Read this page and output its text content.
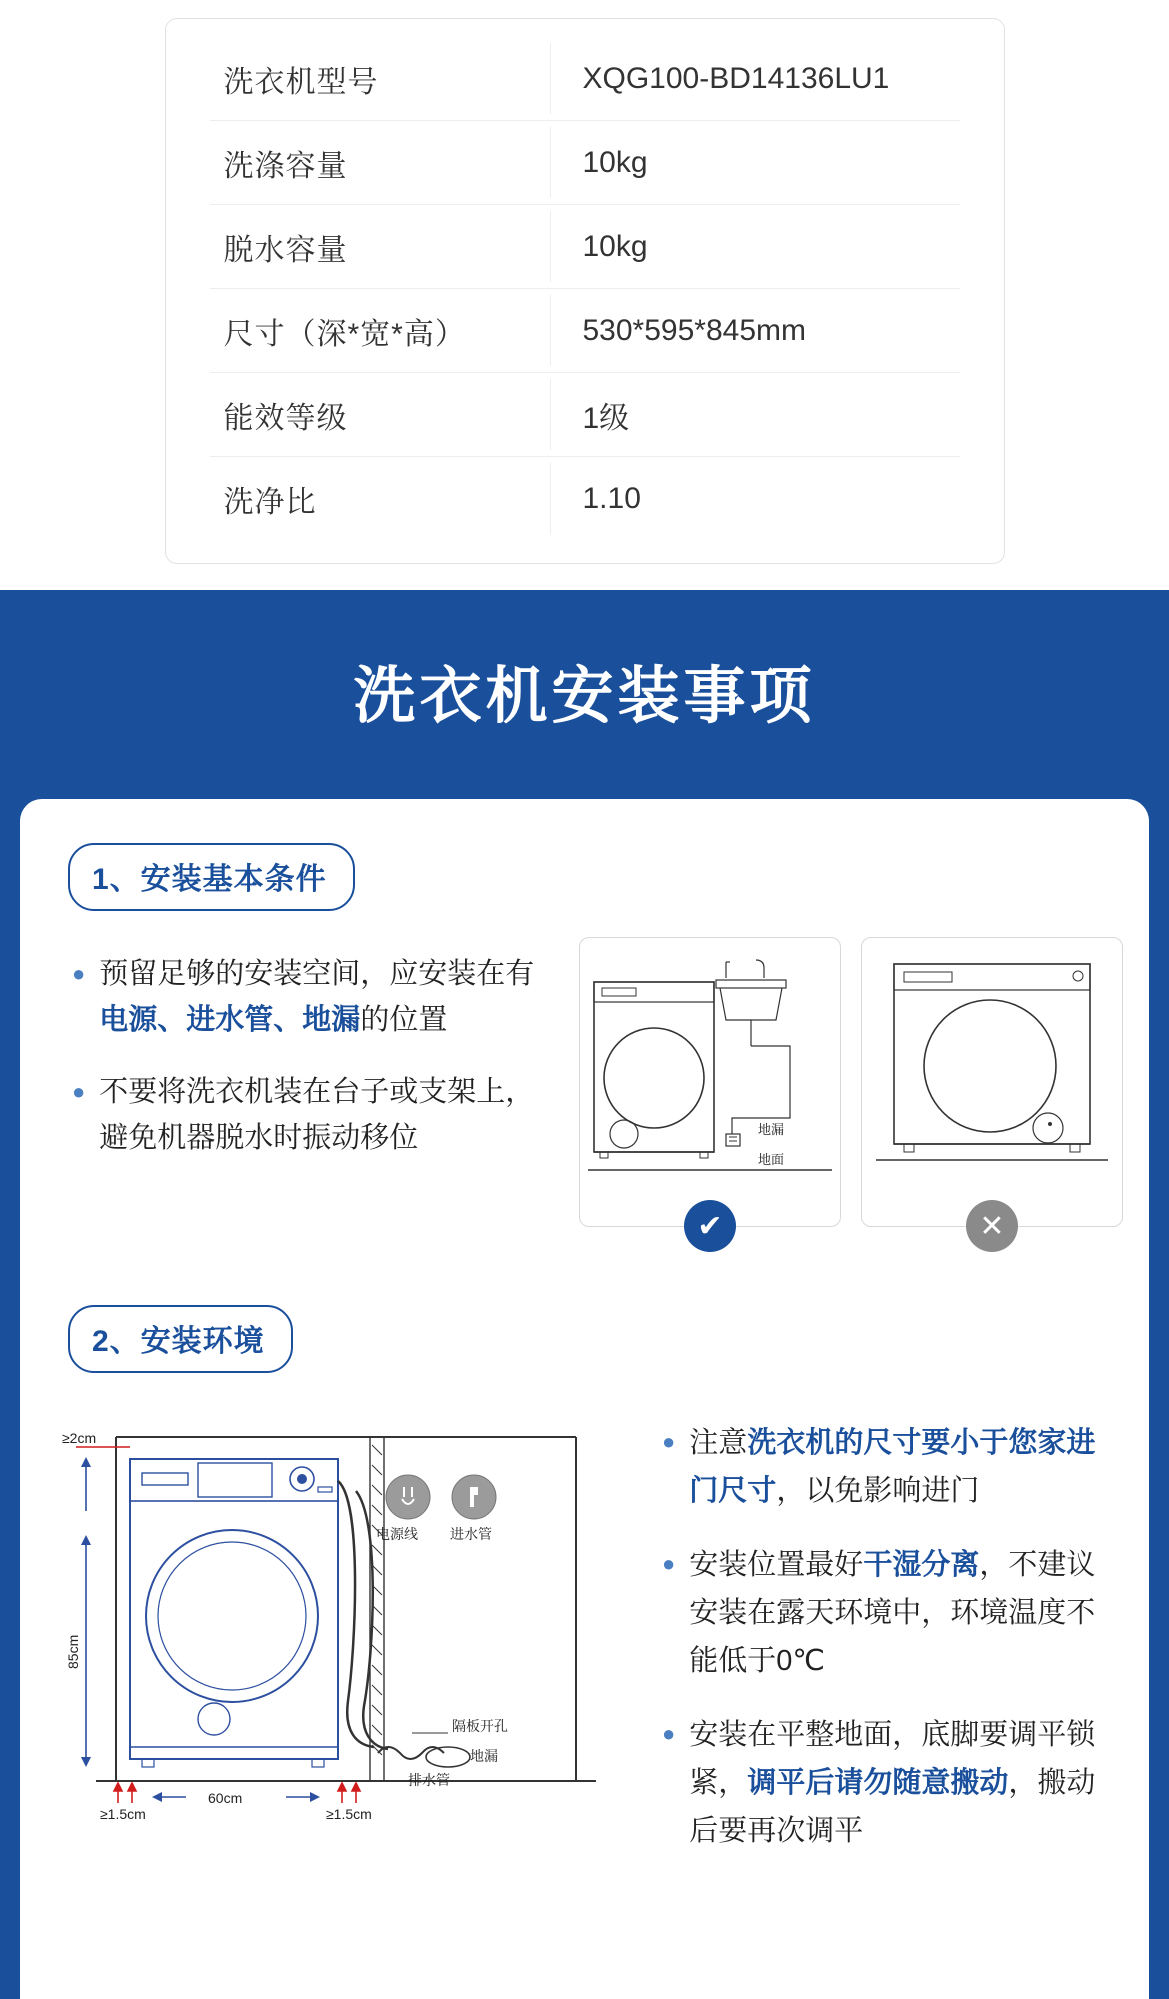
洗衣机型号	XQG100-BD14136LU1
洗涤容量	10kg
脱水容量	10kg
尺寸（深*宽*高）	530*595*845mm
能效等级	1级
洗净比	1.10
洗衣机安装事项
1、安装基本条件
● 预留足够的安装空间，应安装在有电源、进水管、地漏的位置
● 不要将洗衣机装在台子或支架上，避免机器脱水时振动移位	地漏
地面
✔	✕
2、安装环境
电源线 进水管
隔板开孔
地漏
排水管
≥2cm
85cm
60cm
≥1.5cm	≥1.5cm
● 注意洗衣机的尺寸要小于您家进门尺寸，以免影响进门
● 安装位置最好干湿分离，不建议安装在露天环境中，环境温度不能低于0℃
● 安装在平整地面，底脚要调平锁紧，调平后请勿随意搬动，搬动后要再次调平
